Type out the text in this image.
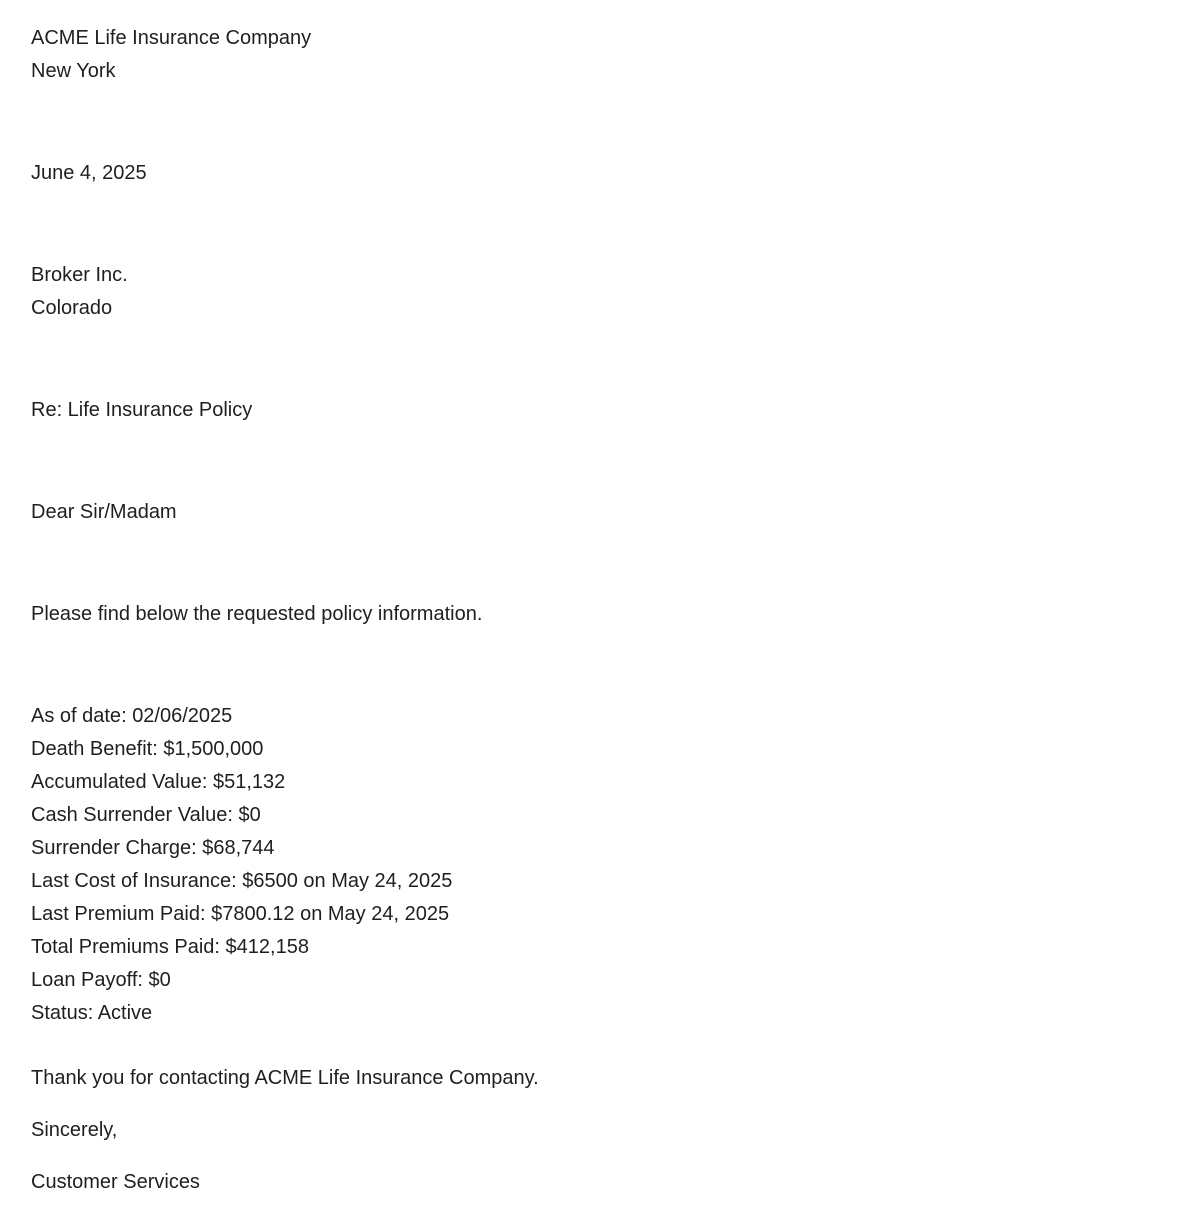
ACME Life Insurance Company
New York
June 4, 2025
Broker Inc.
Colorado
Re: Life Insurance Policy
Dear Sir/Madam
Please find below the requested policy information.
As of date: 02/06/2025
Death Benefit: $1,500,000
Accumulated Value: $51,132
Cash Surrender Value: $0
Surrender Charge: $68,744
Last Cost of Insurance: $6500 on May 24, 2025
Last Premium Paid: $7800.12 on May 24, 2025
Total Premiums Paid: $412,158
Loan Payoff: $0
Status: Active
Thank you for contacting ACME Life Insurance Company.
Sincerely,
Customer Services
